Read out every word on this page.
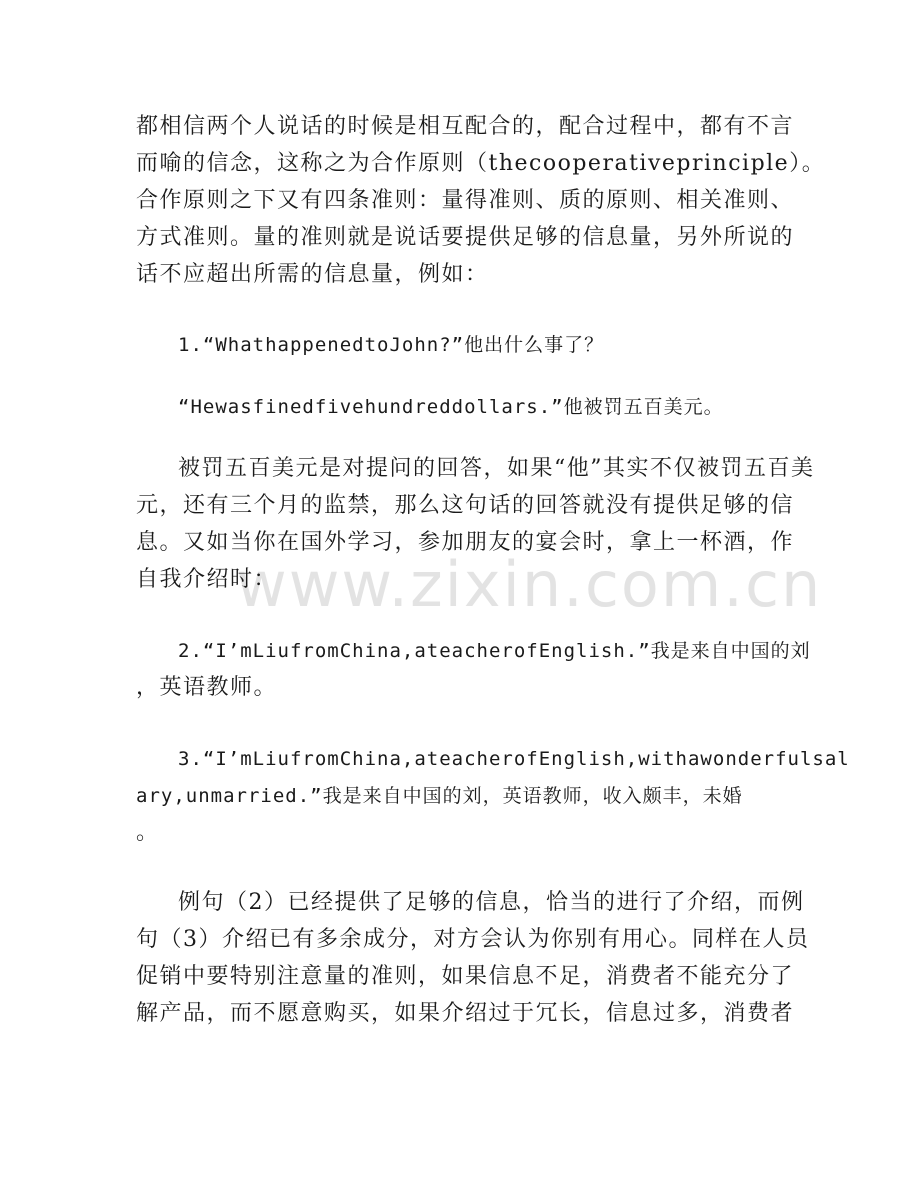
www.zixin.com.cn
都相信两个人说话的时候是相互配合的，配合过程中，都有不言
而喻的信念，这称之为合作原则（thecooperativeprinciple）。
合作原则之下又有四条准则：量得准则、质的原则、相关准则、
方式准则。量的准则就是说话要提供足够的信息量，另外所说的
话不应超出所需的信息量，例如：
1.“WhathappenedtoJohn?”他出什么事了？
“Hewasfinedfivehundreddollars.”他被罚五百美元。
被罚五百美元是对提问的回答，如果“他”其实不仅被罚五百美
元，还有三个月的监禁，那么这句话的回答就没有提供足够的信
息。又如当你在国外学习，参加朋友的宴会时，拿上一杯酒，作
自我介绍时：
2.“I’mLiufromChina,ateacherofEnglish.”我是来自中国的刘
，英语教师。
3.“I’mLiufromChina,ateacherofEnglish,withawonderfulsal
ary,unmarried.”我是来自中国的刘，英语教师，收入颇丰，未婚
。
例句（2）已经提供了足够的信息，恰当的进行了介绍，而例
句（3）介绍已有多余成分，对方会认为你别有用心。同样在人员
促销中要特别注意量的准则，如果信息不足，消费者不能充分了
解产品，而不愿意购买，如果介绍过于冗长，信息过多，消费者
